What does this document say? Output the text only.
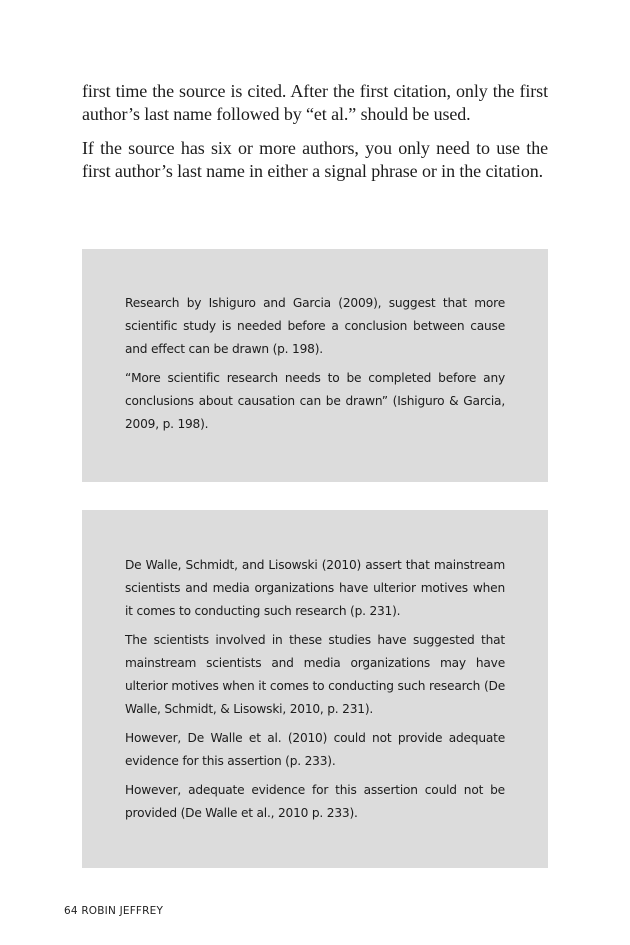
first time the source is cited. After the first citation, only the first author’s last name followed by “et al.” should be used.

If the source has six or more authors, you only need to use the first author’s last name in either a signal phrase or in the citation.

Research by Ishiguro and Garcia (2009), suggest that more scientific study is needed before a conclusion between cause and effect can be drawn (p. 198).

“More scientific research needs to be completed before any conclusions about causation can be drawn” (Ishiguro & Garcia, 2009, p. 198).

De Walle, Schmidt, and Lisowski (2010) assert that mainstream scientists and media organizations have ulterior motives when it comes to conducting such research (p. 231).

The scientists involved in these studies have suggested that mainstream scientists and media organizations may have ulterior motives when it comes to conducting such research (De Walle, Schmidt, & Lisowski, 2010, p. 231).

However, De Walle et al. (2010) could not provide adequate evidence for this assertion (p. 233).

However, adequate evidence for this assertion could not be provided (De Walle et al., 2010 p. 233).

64 ROBIN JEFFREY
